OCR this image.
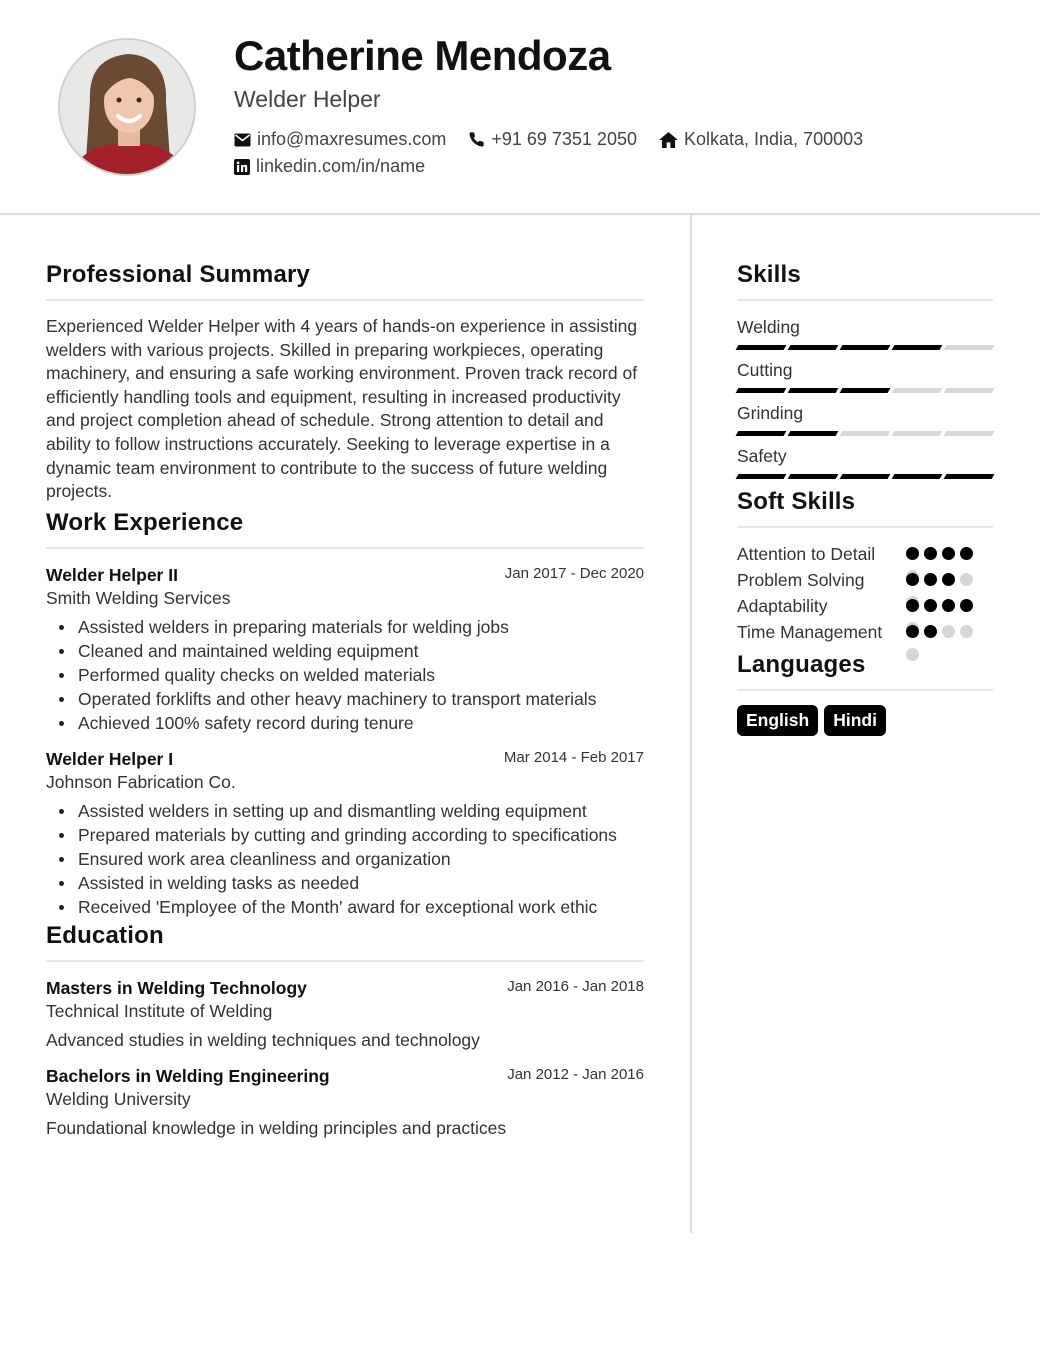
Catherine Mendoza
Welder Helper
info@maxresumes.com	+91 69 7351 2050	Kolkata, India, 700003
linkedin.com/in/name
Professional Summary
Experienced Welder Helper with 4 years of hands-on experience in assisting welders with various projects. Skilled in preparing workpieces, operating machinery, and ensuring a safe working environment. Proven track record of efficiently handling tools and equipment, resulting in increased productivity and project completion ahead of schedule. Strong attention to detail and ability to follow instructions accurately. Seeking to leverage expertise in a dynamic team environment to contribute to the success of future welding projects.
Work Experience
Welder Helper II	Jan 2017 - Dec 2020
Smith Welding Services
Assisted welders in preparing materials for welding jobs
Cleaned and maintained welding equipment
Performed quality checks on welded materials
Operated forklifts and other heavy machinery to transport materials
Achieved 100% safety record during tenure
Welder Helper I	Mar 2014 - Feb 2017
Johnson Fabrication Co.
Assisted welders in setting up and dismantling welding equipment
Prepared materials by cutting and grinding according to specifications
Ensured work area cleanliness and organization
Assisted in welding tasks as needed
Received 'Employee of the Month' award for exceptional work ethic
Education
Masters in Welding Technology	Jan 2016 - Jan 2018
Technical Institute of Welding
Advanced studies in welding techniques and technology
Bachelors in Welding Engineering	Jan 2012 - Jan 2016
Welding University
Foundational knowledge in welding principles and practices
Skills
Welding
Cutting
Grinding
Safety
Soft Skills
Attention to Detail
Problem Solving
Adaptability
Time Management
Languages
English	Hindi
